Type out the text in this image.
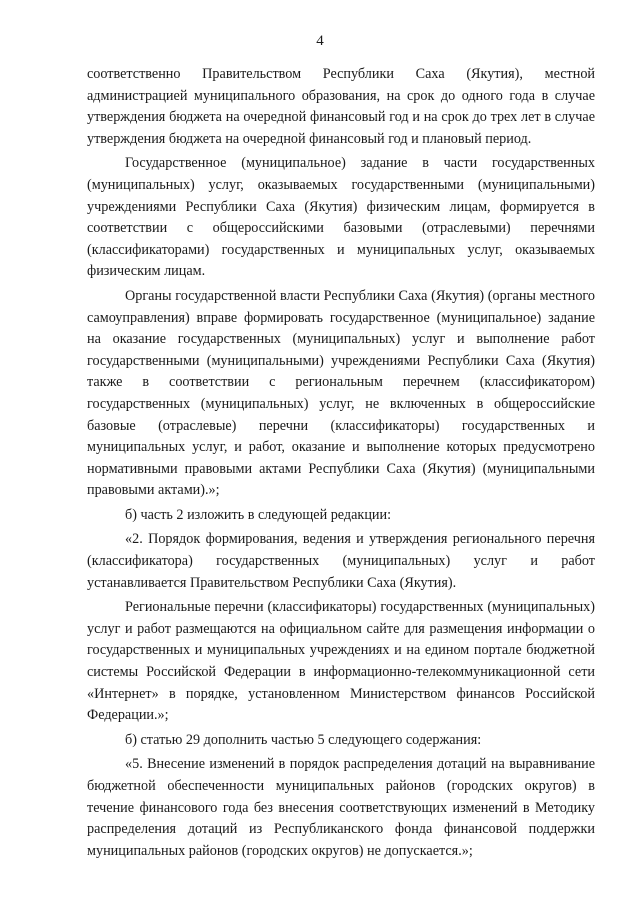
4

соответственно Правительством Республики Саха (Якутия), местной администрацией муниципального образования, на срок до одного года в случае утверждения бюджета на очередной финансовый год и на срок до трех лет в случае утверждения бюджета на очередной финансовый год и плановый период.

Государственное (муниципальное) задание в части государственных (муниципальных) услуг, оказываемых государственными (муниципальными) учреждениями Республики Саха (Якутия) физическим лицам, формируется в соответствии с общероссийскими базовыми (отраслевыми) перечнями (классификаторами) государственных и муниципальных услуг, оказываемых физическим лицам.

Органы государственной власти Республики Саха (Якутия) (органы местного самоуправления) вправе формировать государственное (муниципальное) задание на оказание государственных (муниципальных) услуг и выполнение работ государственными (муниципальными) учреждениями Республики Саха (Якутия) также в соответствии с региональным перечнем (классификатором) государственных (муниципальных) услуг, не включенных в общероссийские базовые (отраслевые) перечни (классификаторы) государственных и муниципальных услуг, и работ, оказание и выполнение которых предусмотрено нормативными правовыми актами Республики Саха (Якутия) (муниципальными правовыми актами).»;

б) часть 2 изложить в следующей редакции:

«2. Порядок формирования, ведения и утверждения регионального перечня (классификатора) государственных (муниципальных) услуг и работ устанавливается Правительством Республики Саха (Якутия).

Региональные перечни (классификаторы) государственных (муниципальных) услуг и работ размещаются на официальном сайте для размещения информации о государственных и муниципальных учреждениях и на едином портале бюджетной системы Российской Федерации в информационно-телекоммуникационной сети «Интернет» в порядке, установленном Министерством финансов Российской Федерации.»;

б) статью 29 дополнить частью 5 следующего содержания:

«5. Внесение изменений в порядок распределения дотаций на выравнивание бюджетной обеспеченности муниципальных районов (городских округов) в течение финансового года без внесения соответствующих изменений в Методику распределения дотаций из Республиканского фонда финансовой поддержки муниципальных районов (городских округов) не допускается.»;
